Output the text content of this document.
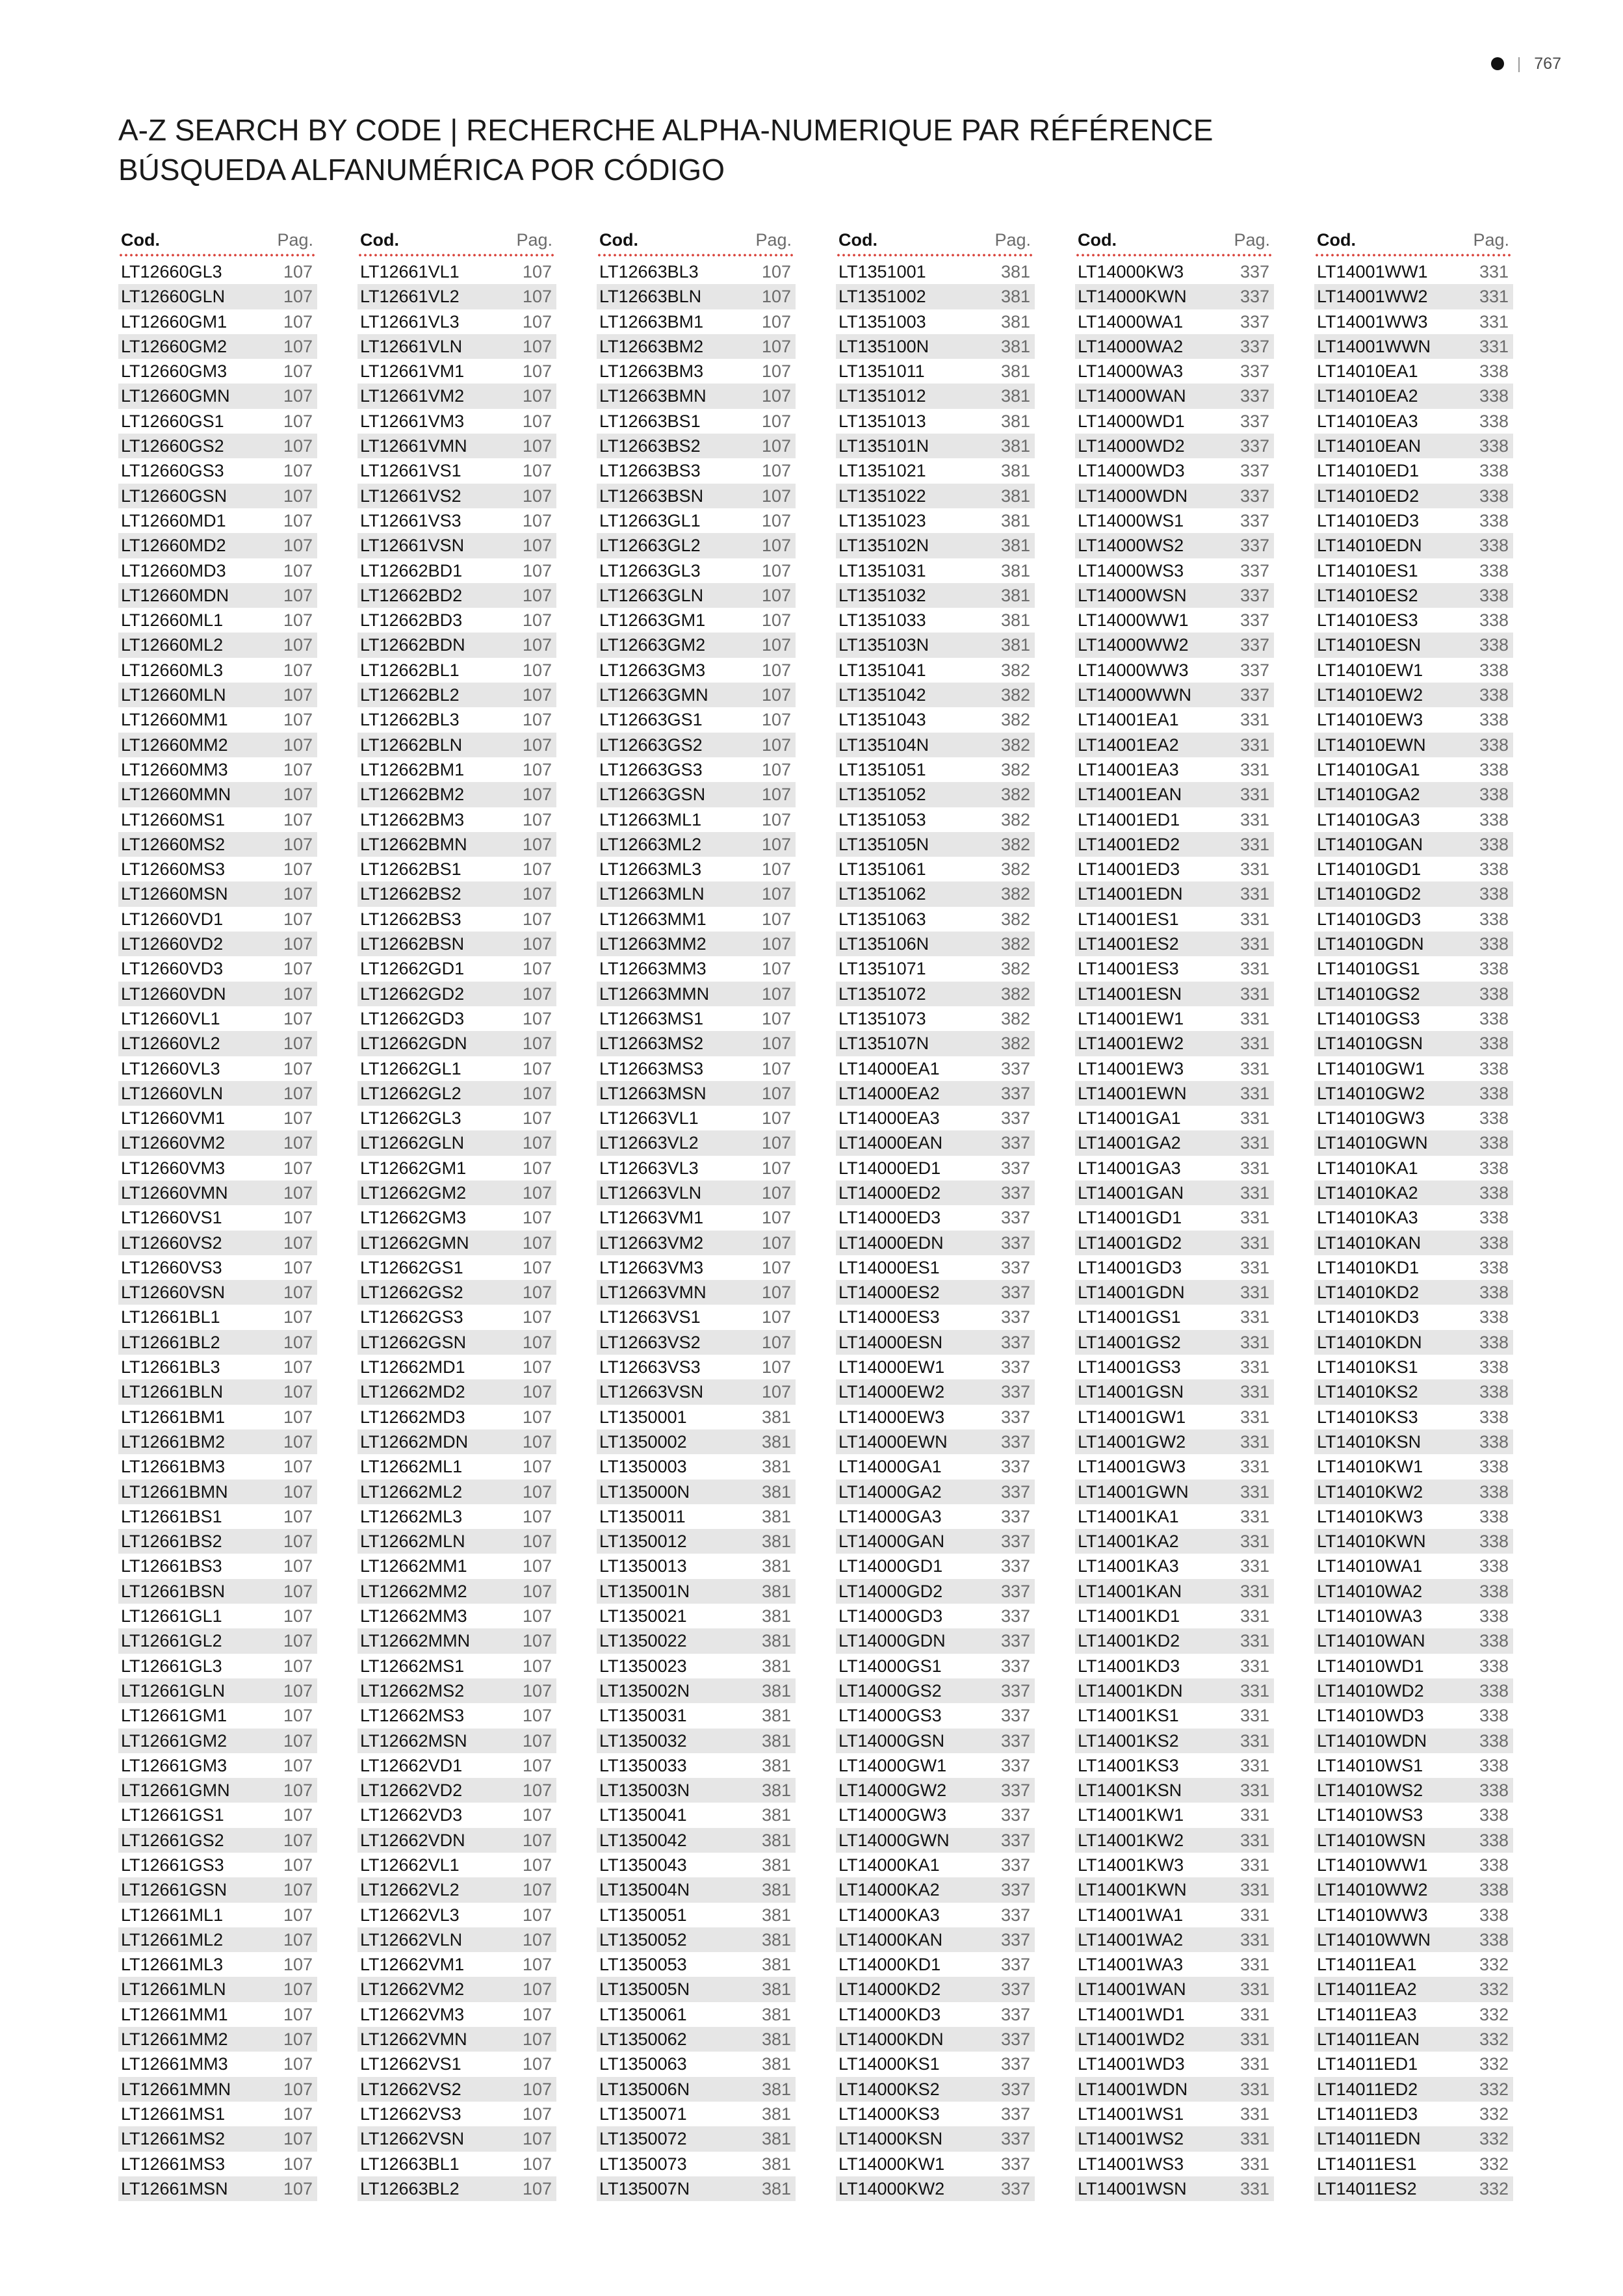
| 767
A-Z SEARCH BY CODE | RECHERCHE ALPHA-NUMERIQUE PAR RÉFÉRENCE
BÚSQUEDA ALFANUMÉRICA POR CÓDIGO
Cod.	Pag.
LT12660GL3	107
LT12660GLN	107
LT12660GM1	107
LT12660GM2	107
LT12660GM3	107
LT12660GMN	107
LT12660GS1	107
LT12660GS2	107
LT12660GS3	107
LT12660GSN	107
LT12660MD1	107
LT12660MD2	107
LT12660MD3	107
LT12660MDN	107
LT12660ML1	107
LT12660ML2	107
LT12660ML3	107
LT12660MLN	107
LT12660MM1	107
LT12660MM2	107
LT12660MM3	107
LT12660MMN	107
LT12660MS1	107
LT12660MS2	107
LT12660MS3	107
LT12660MSN	107
LT12660VD1	107
LT12660VD2	107
LT12660VD3	107
LT12660VDN	107
LT12660VL1	107
LT12660VL2	107
LT12660VL3	107
LT12660VLN	107
LT12660VM1	107
LT12660VM2	107
LT12660VM3	107
LT12660VMN	107
LT12660VS1	107
LT12660VS2	107
LT12660VS3	107
LT12660VSN	107
LT12661BL1	107
LT12661BL2	107
LT12661BL3	107
LT12661BLN	107
LT12661BM1	107
LT12661BM2	107
LT12661BM3	107
LT12661BMN	107
LT12661BS1	107
LT12661BS2	107
LT12661BS3	107
LT12661BSN	107
LT12661GL1	107
LT12661GL2	107
LT12661GL3	107
LT12661GLN	107
LT12661GM1	107
LT12661GM2	107
LT12661GM3	107
LT12661GMN	107
LT12661GS1	107
LT12661GS2	107
LT12661GS3	107
LT12661GSN	107
LT12661ML1	107
LT12661ML2	107
LT12661ML3	107
LT12661MLN	107
LT12661MM1	107
LT12661MM2	107
LT12661MM3	107
LT12661MMN	107
LT12661MS1	107
LT12661MS2	107
LT12661MS3	107
LT12661MSN	107
Cod.	Pag.
LT12661VL1	107
LT12661VL2	107
LT12661VL3	107
LT12661VLN	107
LT12661VM1	107
LT12661VM2	107
LT12661VM3	107
LT12661VMN	107
LT12661VS1	107
LT12661VS2	107
LT12661VS3	107
LT12661VSN	107
LT12662BD1	107
LT12662BD2	107
LT12662BD3	107
LT12662BDN	107
LT12662BL1	107
LT12662BL2	107
LT12662BL3	107
LT12662BLN	107
LT12662BM1	107
LT12662BM2	107
LT12662BM3	107
LT12662BMN	107
LT12662BS1	107
LT12662BS2	107
LT12662BS3	107
LT12662BSN	107
LT12662GD1	107
LT12662GD2	107
LT12662GD3	107
LT12662GDN	107
LT12662GL1	107
LT12662GL2	107
LT12662GL3	107
LT12662GLN	107
LT12662GM1	107
LT12662GM2	107
LT12662GM3	107
LT12662GMN	107
LT12662GS1	107
LT12662GS2	107
LT12662GS3	107
LT12662GSN	107
LT12662MD1	107
LT12662MD2	107
LT12662MD3	107
LT12662MDN	107
LT12662ML1	107
LT12662ML2	107
LT12662ML3	107
LT12662MLN	107
LT12662MM1	107
LT12662MM2	107
LT12662MM3	107
LT12662MMN	107
LT12662MS1	107
LT12662MS2	107
LT12662MS3	107
LT12662MSN	107
LT12662VD1	107
LT12662VD2	107
LT12662VD3	107
LT12662VDN	107
LT12662VL1	107
LT12662VL2	107
LT12662VL3	107
LT12662VLN	107
LT12662VM1	107
LT12662VM2	107
LT12662VM3	107
LT12662VMN	107
LT12662VS1	107
LT12662VS2	107
LT12662VS3	107
LT12662VSN	107
LT12663BL1	107
LT12663BL2	107
Cod.	Pag.
LT12663BL3	107
LT12663BLN	107
LT12663BM1	107
LT12663BM2	107
LT12663BM3	107
LT12663BMN	107
LT12663BS1	107
LT12663BS2	107
LT12663BS3	107
LT12663BSN	107
LT12663GL1	107
LT12663GL2	107
LT12663GL3	107
LT12663GLN	107
LT12663GM1	107
LT12663GM2	107
LT12663GM3	107
LT12663GMN	107
LT12663GS1	107
LT12663GS2	107
LT12663GS3	107
LT12663GSN	107
LT12663ML1	107
LT12663ML2	107
LT12663ML3	107
LT12663MLN	107
LT12663MM1	107
LT12663MM2	107
LT12663MM3	107
LT12663MMN	107
LT12663MS1	107
LT12663MS2	107
LT12663MS3	107
LT12663MSN	107
LT12663VL1	107
LT12663VL2	107
LT12663VL3	107
LT12663VLN	107
LT12663VM1	107
LT12663VM2	107
LT12663VM3	107
LT12663VMN	107
LT12663VS1	107
LT12663VS2	107
LT12663VS3	107
LT12663VSN	107
LT1350001	381
LT1350002	381
LT1350003	381
LT135000N	381
LT1350011	381
LT1350012	381
LT1350013	381
LT135001N	381
LT1350021	381
LT1350022	381
LT1350023	381
LT135002N	381
LT1350031	381
LT1350032	381
LT1350033	381
LT135003N	381
LT1350041	381
LT1350042	381
LT1350043	381
LT135004N	381
LT1350051	381
LT1350052	381
LT1350053	381
LT135005N	381
LT1350061	381
LT1350062	381
LT1350063	381
LT135006N	381
LT1350071	381
LT1350072	381
LT1350073	381
LT135007N	381
Cod.	Pag.
LT1351001	381
LT1351002	381
LT1351003	381
LT135100N	381
LT1351011	381
LT1351012	381
LT1351013	381
LT135101N	381
LT1351021	381
LT1351022	381
LT1351023	381
LT135102N	381
LT1351031	381
LT1351032	381
LT1351033	381
LT135103N	381
LT1351041	382
LT1351042	382
LT1351043	382
LT135104N	382
LT1351051	382
LT1351052	382
LT1351053	382
LT135105N	382
LT1351061	382
LT1351062	382
LT1351063	382
LT135106N	382
LT1351071	382
LT1351072	382
LT1351073	382
LT135107N	382
LT14000EA1	337
LT14000EA2	337
LT14000EA3	337
LT14000EAN	337
LT14000ED1	337
LT14000ED2	337
LT14000ED3	337
LT14000EDN	337
LT14000ES1	337
LT14000ES2	337
LT14000ES3	337
LT14000ESN	337
LT14000EW1	337
LT14000EW2	337
LT14000EW3	337
LT14000EWN	337
LT14000GA1	337
LT14000GA2	337
LT14000GA3	337
LT14000GAN	337
LT14000GD1	337
LT14000GD2	337
LT14000GD3	337
LT14000GDN	337
LT14000GS1	337
LT14000GS2	337
LT14000GS3	337
LT14000GSN	337
LT14000GW1	337
LT14000GW2	337
LT14000GW3	337
LT14000GWN	337
LT14000KA1	337
LT14000KA2	337
LT14000KA3	337
LT14000KAN	337
LT14000KD1	337
LT14000KD2	337
LT14000KD3	337
LT14000KDN	337
LT14000KS1	337
LT14000KS2	337
LT14000KS3	337
LT14000KSN	337
LT14000KW1	337
LT14000KW2	337
Cod.	Pag.
LT14000KW3	337
LT14000KWN	337
LT14000WA1	337
LT14000WA2	337
LT14000WA3	337
LT14000WAN	337
LT14000WD1	337
LT14000WD2	337
LT14000WD3	337
LT14000WDN	337
LT14000WS1	337
LT14000WS2	337
LT14000WS3	337
LT14000WSN	337
LT14000WW1	337
LT14000WW2	337
LT14000WW3	337
LT14000WWN	337
LT14001EA1	331
LT14001EA2	331
LT14001EA3	331
LT14001EAN	331
LT14001ED1	331
LT14001ED2	331
LT14001ED3	331
LT14001EDN	331
LT14001ES1	331
LT14001ES2	331
LT14001ES3	331
LT14001ESN	331
LT14001EW1	331
LT14001EW2	331
LT14001EW3	331
LT14001EWN	331
LT14001GA1	331
LT14001GA2	331
LT14001GA3	331
LT14001GAN	331
LT14001GD1	331
LT14001GD2	331
LT14001GD3	331
LT14001GDN	331
LT14001GS1	331
LT14001GS2	331
LT14001GS3	331
LT14001GSN	331
LT14001GW1	331
LT14001GW2	331
LT14001GW3	331
LT14001GWN	331
LT14001KA1	331
LT14001KA2	331
LT14001KA3	331
LT14001KAN	331
LT14001KD1	331
LT14001KD2	331
LT14001KD3	331
LT14001KDN	331
LT14001KS1	331
LT14001KS2	331
LT14001KS3	331
LT14001KSN	331
LT14001KW1	331
LT14001KW2	331
LT14001KW3	331
LT14001KWN	331
LT14001WA1	331
LT14001WA2	331
LT14001WA3	331
LT14001WAN	331
LT14001WD1	331
LT14001WD2	331
LT14001WD3	331
LT14001WDN	331
LT14001WS1	331
LT14001WS2	331
LT14001WS3	331
LT14001WSN	331
Cod.	Pag.
LT14001WW1	331
LT14001WW2	331
LT14001WW3	331
LT14001WWN	331
LT14010EA1	338
LT14010EA2	338
LT14010EA3	338
LT14010EAN	338
LT14010ED1	338
LT14010ED2	338
LT14010ED3	338
LT14010EDN	338
LT14010ES1	338
LT14010ES2	338
LT14010ES3	338
LT14010ESN	338
LT14010EW1	338
LT14010EW2	338
LT14010EW3	338
LT14010EWN	338
LT14010GA1	338
LT14010GA2	338
LT14010GA3	338
LT14010GAN	338
LT14010GD1	338
LT14010GD2	338
LT14010GD3	338
LT14010GDN	338
LT14010GS1	338
LT14010GS2	338
LT14010GS3	338
LT14010GSN	338
LT14010GW1	338
LT14010GW2	338
LT14010GW3	338
LT14010GWN	338
LT14010KA1	338
LT14010KA2	338
LT14010KA3	338
LT14010KAN	338
LT14010KD1	338
LT14010KD2	338
LT14010KD3	338
LT14010KDN	338
LT14010KS1	338
LT14010KS2	338
LT14010KS3	338
LT14010KSN	338
LT14010KW1	338
LT14010KW2	338
LT14010KW3	338
LT14010KWN	338
LT14010WA1	338
LT14010WA2	338
LT14010WA3	338
LT14010WAN	338
LT14010WD1	338
LT14010WD2	338
LT14010WD3	338
LT14010WDN	338
LT14010WS1	338
LT14010WS2	338
LT14010WS3	338
LT14010WSN	338
LT14010WW1	338
LT14010WW2	338
LT14010WW3	338
LT14010WWN	338
LT14011EA1	332
LT14011EA2	332
LT14011EA3	332
LT14011EAN	332
LT14011ED1	332
LT14011ED2	332
LT14011ED3	332
LT14011EDN	332
LT14011ES1	332
LT14011ES2	332
